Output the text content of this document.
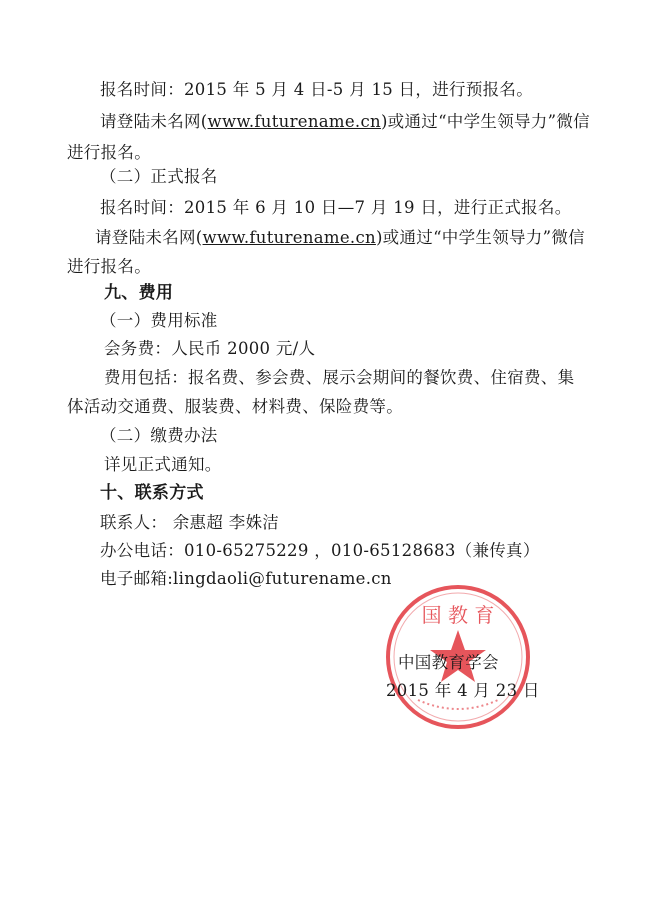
报名时间：2015 年 5 月 4 日-5 月 15 日，进行预报名。
请登陆未名网(www.futurename.cn)或通过“中学生领导力”微信
进行报名。
（二）正式报名
报名时间：2015 年 6 月 10 日—7 月 19 日，进行正式报名。
请登陆未名网(www.futurename.cn)或通过“中学生领导力”微信
进行报名。
九、费用
（一）费用标准
会务费：人民币 2000 元/人
费用包括：报名费、参会费、展示会期间的餐饮费、住宿费、集
体活动交通费、服装费、材料费、保险费等。
（二）缴费办法
详见正式通知。
十、联系方式
联系人： 余惠超 李姝洁
办公电话：010-65275229 ，010-65128683（兼传真）
电子邮箱:lingdaoli@futurename.cn
国 教 育
中国教育学会
2015 年 4 月 23 日
